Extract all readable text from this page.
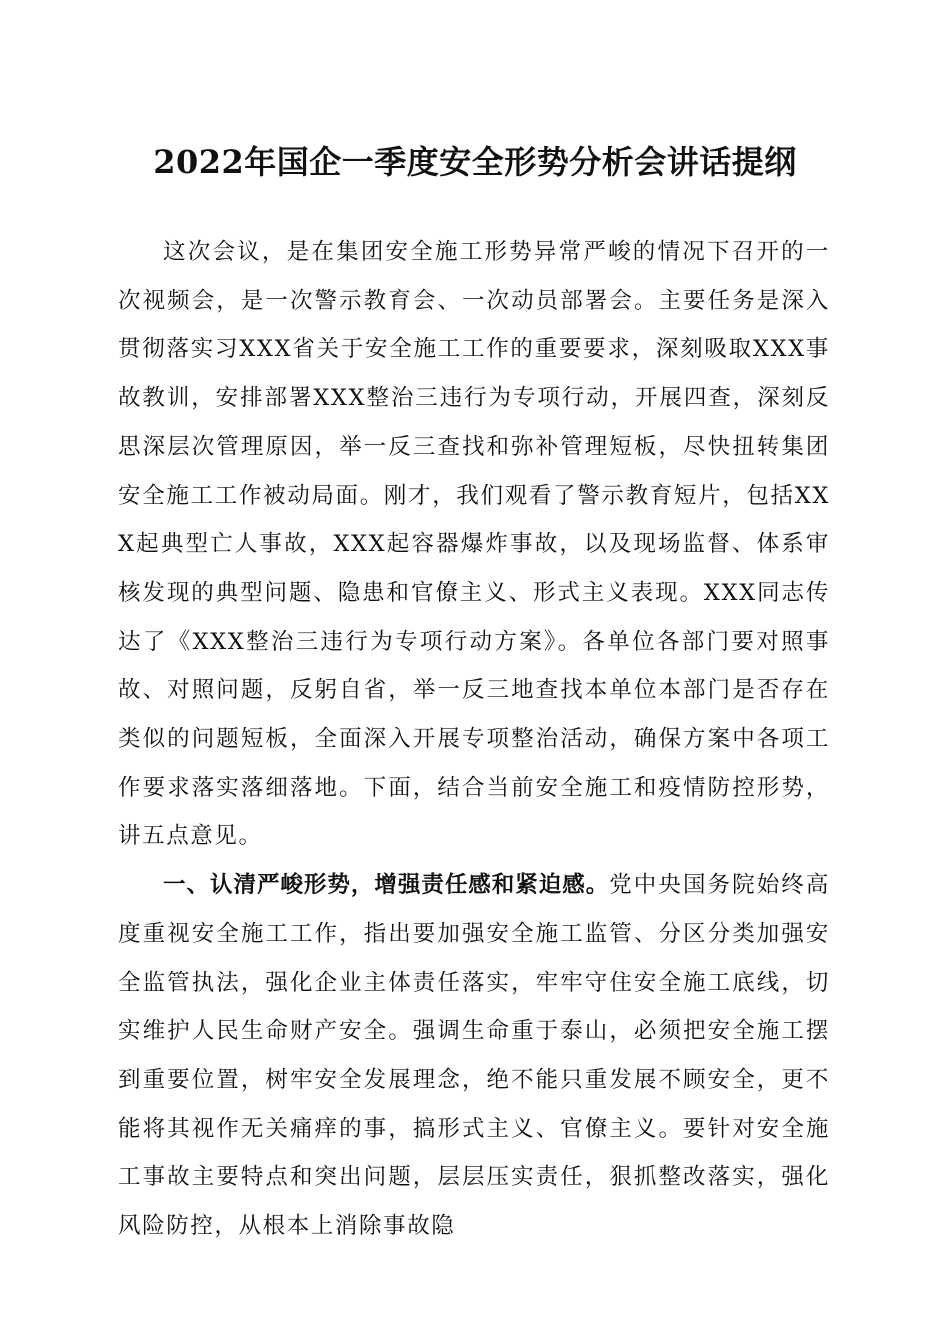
2022年国企一季度安全形势分析会讲话提纲

这次会议，是在集团安全施工形势异常严峻的情况下召开的一次视频会，是一次警示教育会、一次动员部署会。主要任务是深入贯彻落实习XXX省关于安全施工工作的重要要求，深刻吸取XXX事故教训，安排部署XXX整治三违行为专项行动，开展四查，深刻反思深层次管理原因，举一反三查找和弥补管理短板，尽快扭转集团安全施工工作被动局面。刚才，我们观看了警示教育短片，包括XXX起典型亡人事故，XXX起容器爆炸事故，以及现场监督、体系审核发现的典型问题、隐患和官僚主义、形式主义表现。XXX同志传达了《XXX整治三违行为专项行动方案》。各单位各部门要对照事故、对照问题，反躬自省，举一反三地查找本单位本部门是否存在类似的问题短板，全面深入开展专项整治活动，确保方案中各项工作要求落实落细落地。下面，结合当前安全施工和疫情防控形势，讲五点意见。

一、认清严峻形势，增强责任感和紧迫感。党中央国务院始终高度重视安全施工工作，指出要加强安全施工监管、分区分类加强安全监管执法，强化企业主体责任落实，牢牢守住安全施工底线，切实维护人民生命财产安全。强调生命重于泰山，必须把安全施工摆到重要位置，树牢安全发展理念，绝不能只重发展不顾安全，更不能将其视作无关痛痒的事，搞形式主义、官僚主义。要针对安全施工事故主要特点和突出问题，层层压实责任，狠抓整改落实，强化风险防控，从根本上消除事故隐
